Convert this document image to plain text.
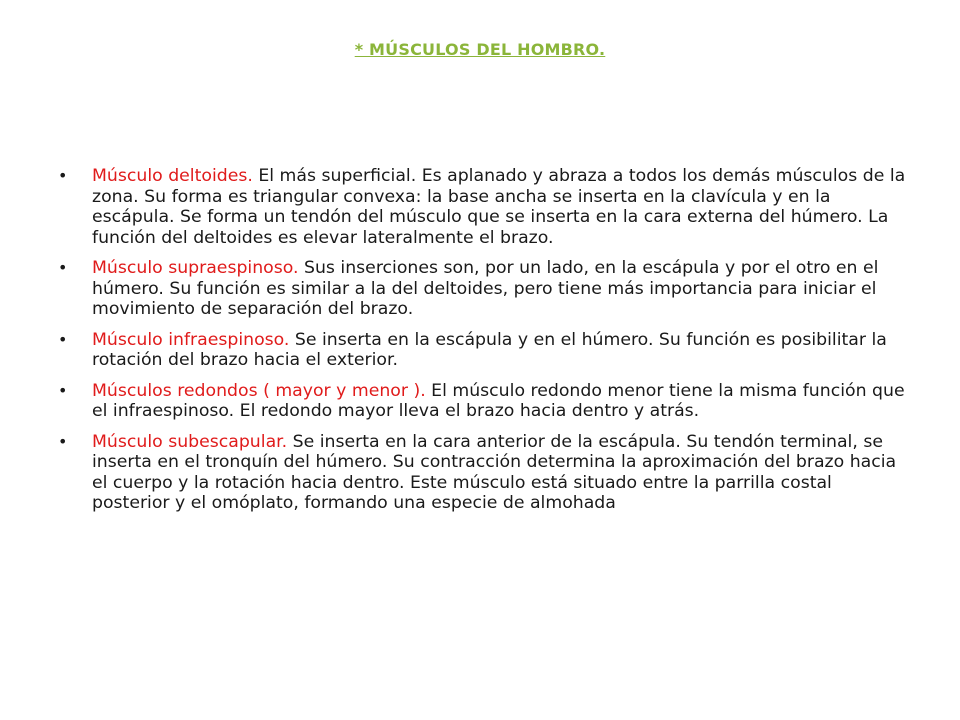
* MÚSCULOS DEL HOMBRO.
• Músculo deltoides. El más superficial. Es aplanado y abraza a todos los demás músculos de la zona. Su forma es triangular convexa: la base ancha se inserta en la clavícula y en la escápula. Se forma un tendón del músculo que se inserta en la cara externa del húmero. La función del deltoides es elevar lateralmente el brazo.
• Músculo supraespinoso. Sus inserciones son, por un lado, en la escápula y por el otro en el húmero. Su función es similar a la del deltoides, pero tiene más importancia para iniciar el movimiento de separación del brazo.
• Músculo infraespinoso. Se inserta en la escápula y en el húmero. Su función es posibilitar la rotación del brazo hacia el exterior.
• Músculos redondos ( mayor y menor ). El músculo redondo menor tiene la misma función que el infraespinoso. El redondo mayor lleva el brazo hacia dentro y atrás.
• Músculo subescapular. Se inserta en la cara anterior de la escápula. Su tendón terminal, se inserta en el tronquín del húmero. Su contracción determina la aproximación del brazo hacia el cuerpo y la rotación hacia dentro. Este músculo está situado entre la parrilla costal posterior y el omóplato, formando una especie de almohada
